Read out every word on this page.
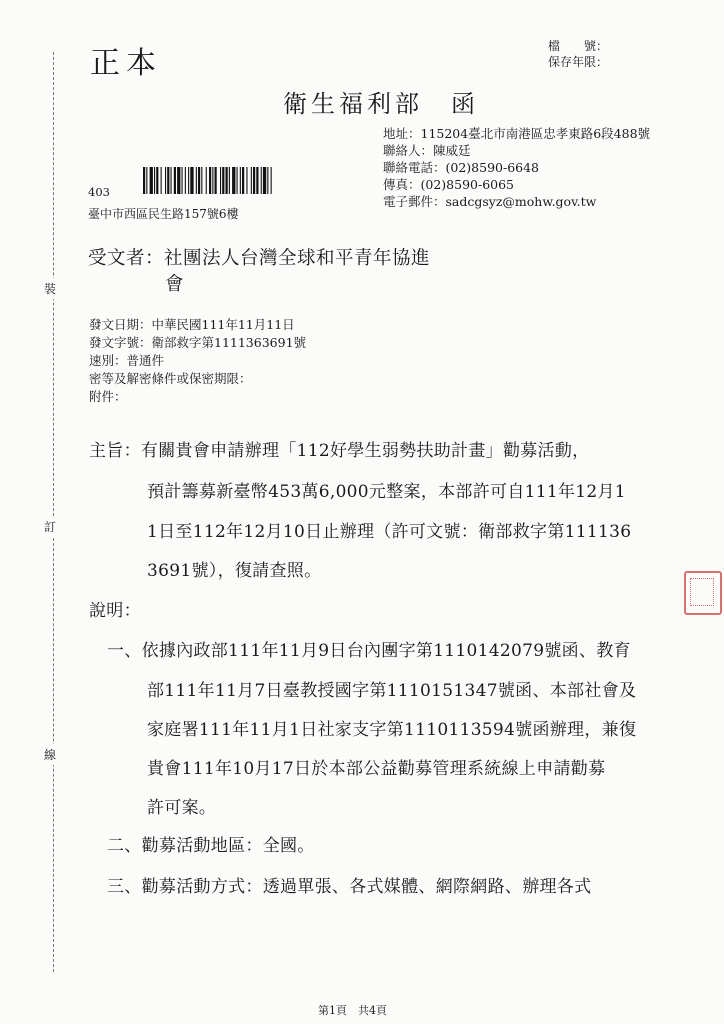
裝
訂
線
正本	檔　　號：
保存年限：
衛生福利部　函
地址：115204臺北市南港區忠孝東路6段488號
聯絡人：陳威廷
聯絡電話：(02)8590-6648
傳真：(02)8590-6065
電子郵件：sadcgsyz@mohw.gov.tw
403
臺中市西區民生路157號6樓
受文者：社團法人台灣全球和平青年協進
會
發文日期：中華民國111年11月11日
發文字號：衛部救字第1111363691號
速別：普通件
密等及解密條件或保密期限：
附件：
主旨：有關貴會申請辦理「112好學生弱勢扶助計畫」勸募活動，
預計籌募新臺幣453萬6,000元整案，本部許可自111年12月1
1日至112年12月10日止辦理（許可文號：衛部救字第111136
3691號），復請查照。
說明：
一、依據內政部111年11月9日台內團字第1110142079號函、教育
部111年11月7日臺教授國字第1110151347號函、本部社會及
家庭署111年11月1日社家支字第1110113594號函辦理，兼復
貴會111年10月17日於本部公益勸募管理系統線上申請勸募
許可案。
二、勸募活動地區：全國。
三、勸募活動方式：透過單張、各式媒體、網際網路、辦理各式
第1頁　共4頁
